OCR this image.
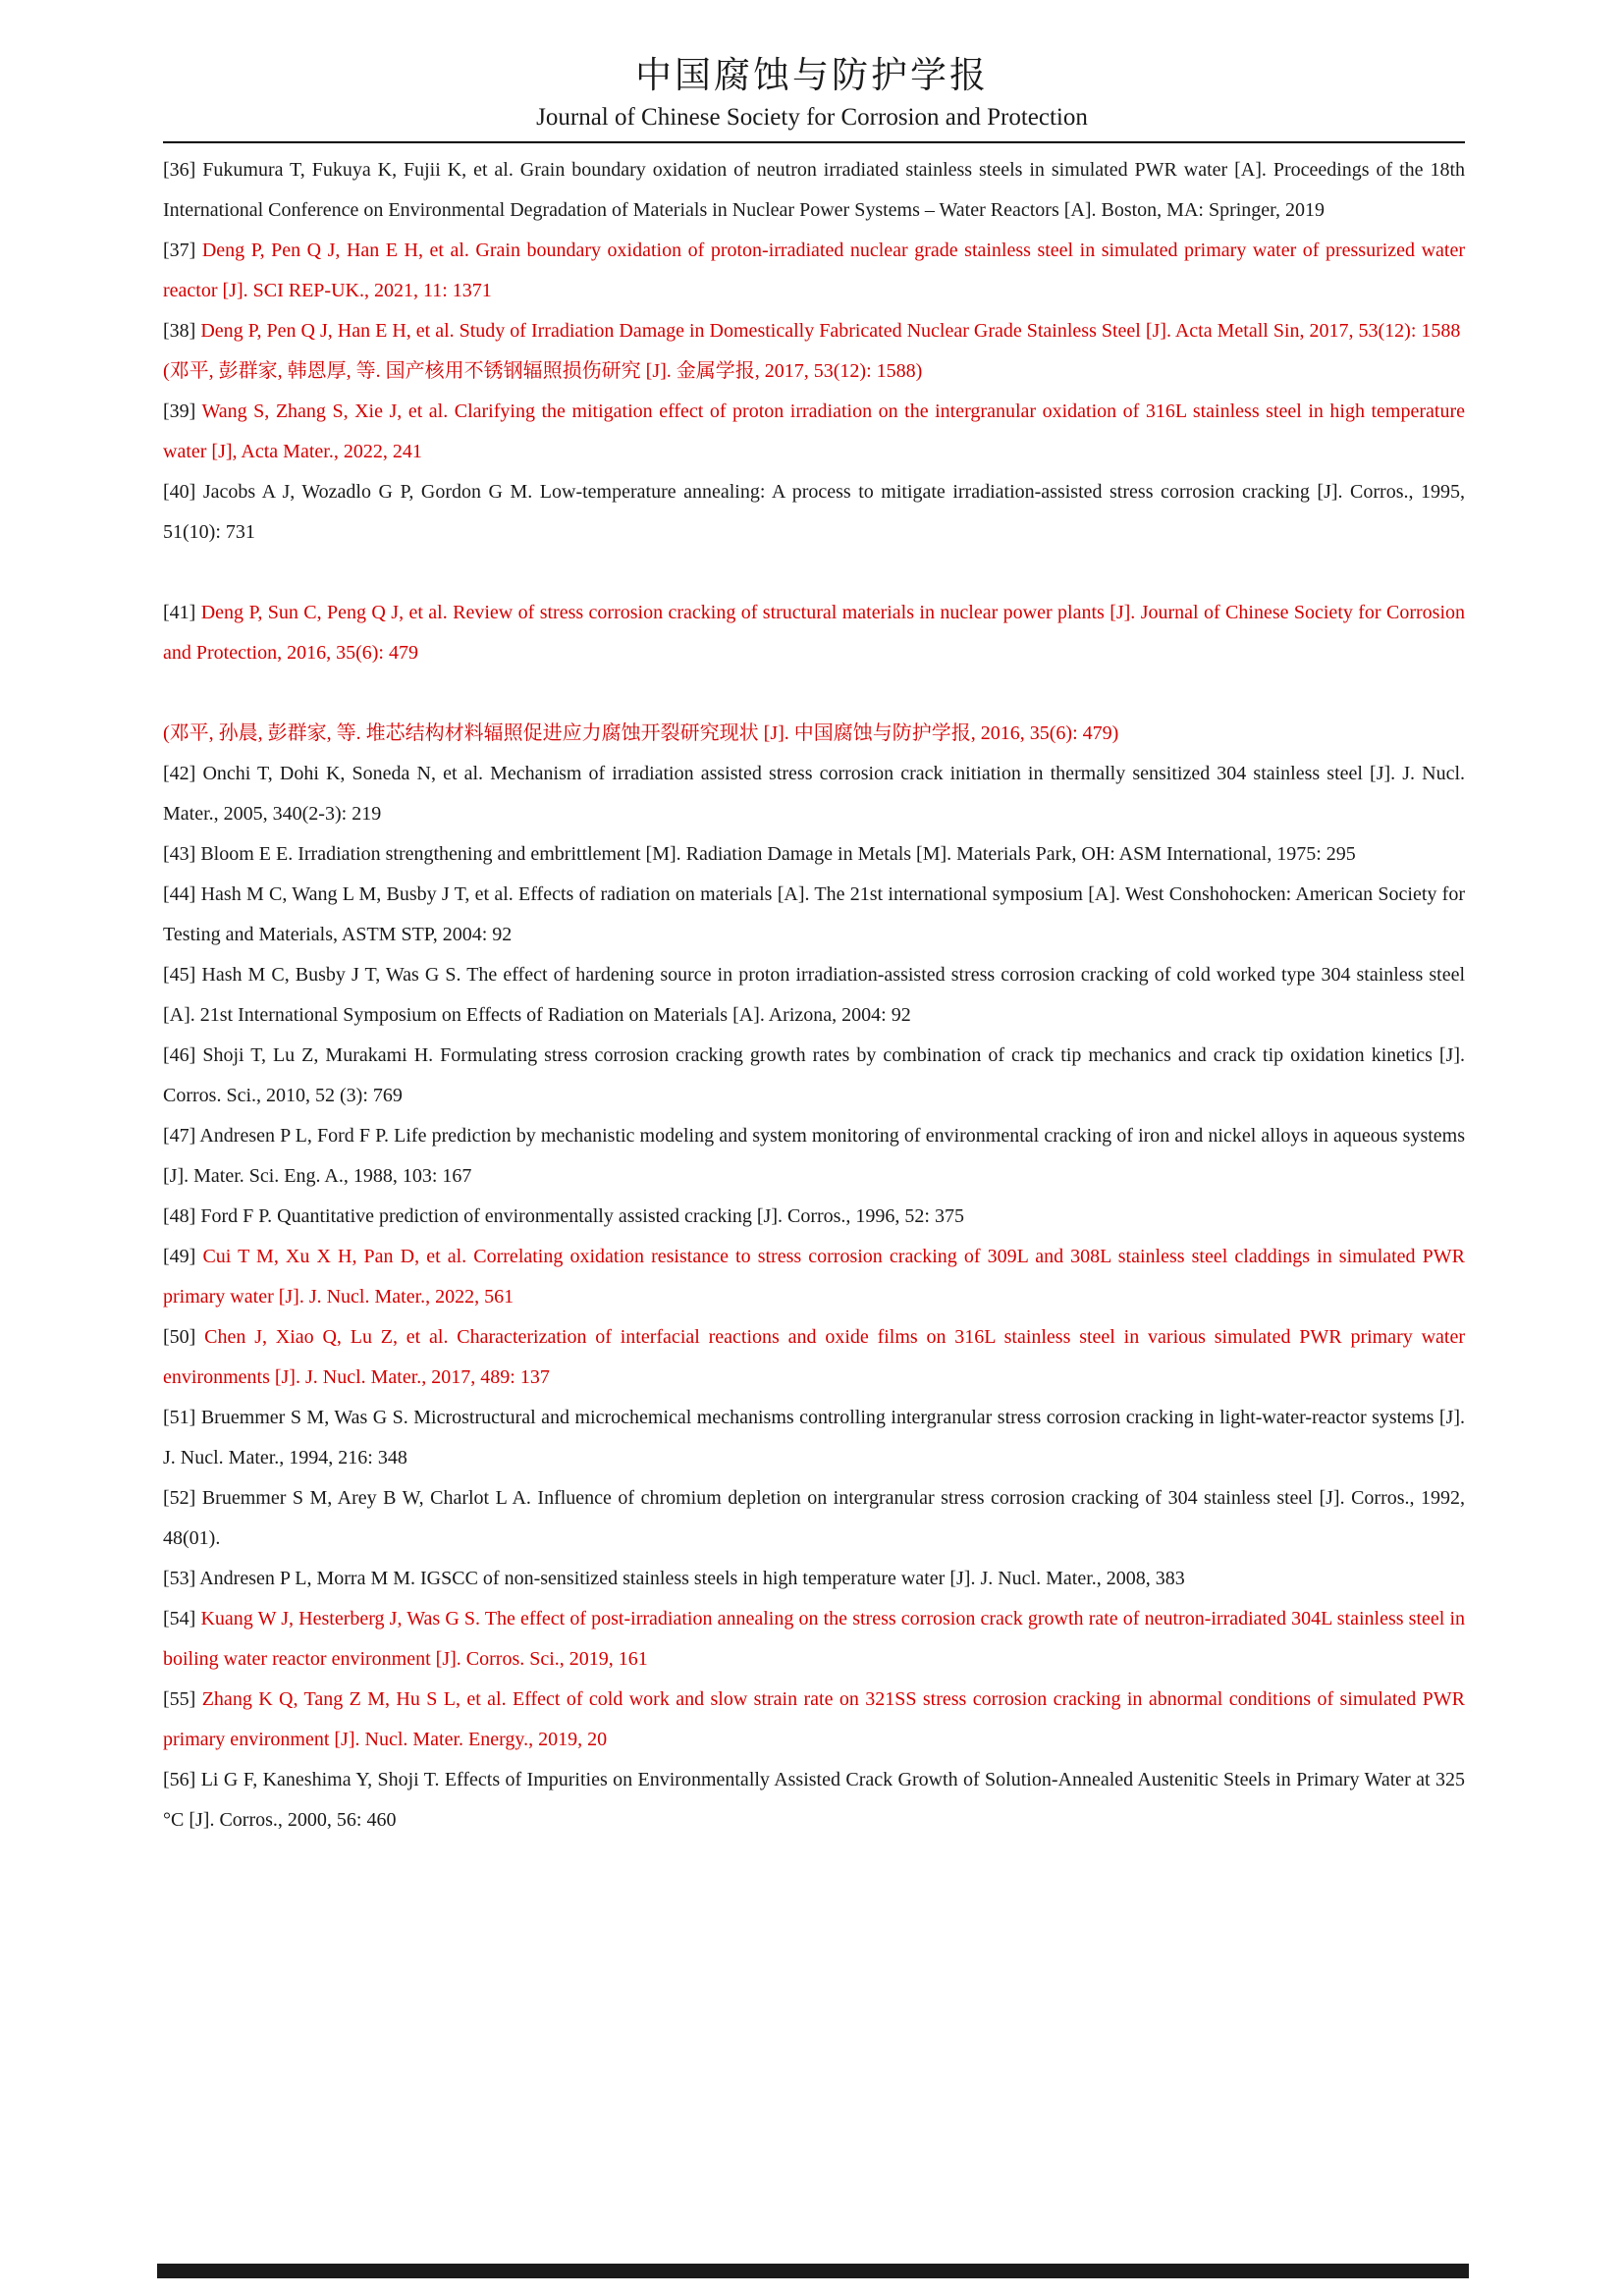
中国腐蚀与防护学报
Journal of Chinese Society for Corrosion and Protection

[36] Fukumura T, Fukuya K, Fujii K, et al. Grain boundary oxidation of neutron irradiated stainless steels in simulated PWR water [A]. Proceedings of the 18th International Conference on Environmental Degradation of Materials in Nuclear Power Systems – Water Reactors [A]. Boston, MA: Springer, 2019

[37] Deng P, Pen Q J, Han E H, et al. Grain boundary oxidation of proton-irradiated nuclear grade stainless steel in simulated primary water of pressurized water reactor [J]. SCI REP-UK., 2021, 11: 1371

[38] Deng P, Pen Q J, Han E H, et al. Study of Irradiation Damage in Domestically Fabricated Nuclear Grade Stainless Steel [J]. Acta Metall Sin, 2017, 53(12): 1588

(邓平, 彭群家, 韩恩厚, 等. 国产核用不锈钢辐照损伤研究 [J]. 金属学报, 2017, 53(12): 1588)

[39] Wang S, Zhang S, Xie J, et al. Clarifying the mitigation effect of proton irradiation on the intergranular oxidation of 316L stainless steel in high temperature water [J], Acta Mater., 2022, 241

[40] Jacobs A J, Wozadlo G P, Gordon G M. Low-temperature annealing: A process to mitigate irradiation-assisted stress corrosion cracking [J]. Corros., 1995, 51(10): 731

[41] Deng P, Sun C, Peng Q J, et al. Review of stress corrosion cracking of structural materials in nuclear power plants [J]. Journal of Chinese Society for Corrosion and Protection, 2016, 35(6): 479

(邓平, 孙晨, 彭群家, 等. 堆芯结构材料辐照促进应力腐蚀开裂研究现状 [J]. 中国腐蚀与防护学报, 2016, 35(6): 479)

[42] Onchi T, Dohi K, Soneda N, et al. Mechanism of irradiation assisted stress corrosion crack initiation in thermally sensitized 304 stainless steel [J]. J. Nucl. Mater., 2005, 340(2-3): 219

[43] Bloom E E. Irradiation strengthening and embrittlement [M]. Radiation Damage in Metals [M]. Materials Park, OH: ASM International, 1975: 295

[44] Hash M C, Wang L M, Busby J T, et al. Effects of radiation on materials [A]. The 21st international symposium [A]. West Conshohocken: American Society for Testing and Materials, ASTM STP, 2004: 92

[45] Hash M C, Busby J T, Was G S. The effect of hardening source in proton irradiation-assisted stress corrosion cracking of cold worked type 304 stainless steel [A]. 21st International Symposium on Effects of Radiation on Materials [A]. Arizona, 2004: 92

[46] Shoji T, Lu Z, Murakami H. Formulating stress corrosion cracking growth rates by combination of crack tip mechanics and crack tip oxidation kinetics [J]. Corros. Sci., 2010, 52 (3): 769

[47] Andresen P L, Ford F P. Life prediction by mechanistic modeling and system monitoring of environmental cracking of iron and nickel alloys in aqueous systems [J]. Mater. Sci. Eng. A., 1988, 103: 167

[48] Ford F P. Quantitative prediction of environmentally assisted cracking [J]. Corros., 1996, 52: 375

[49] Cui T M, Xu X H, Pan D, et al. Correlating oxidation resistance to stress corrosion cracking of 309L and 308L stainless steel claddings in simulated PWR primary water [J]. J. Nucl. Mater., 2022, 561

[50] Chen J, Xiao Q, Lu Z, et al. Characterization of interfacial reactions and oxide films on 316L stainless steel in various simulated PWR primary water environments [J]. J. Nucl. Mater., 2017, 489: 137

[51] Bruemmer S M, Was G S. Microstructural and microchemical mechanisms controlling intergranular stress corrosion cracking in light-water-reactor systems [J]. J. Nucl. Mater., 1994, 216: 348

[52] Bruemmer S M, Arey B W, Charlot L A. Influence of chromium depletion on intergranular stress corrosion cracking of 304 stainless steel [J]. Corros., 1992, 48(01).

[53] Andresen P L, Morra M M. IGSCC of non-sensitized stainless steels in high temperature water [J]. J. Nucl. Mater., 2008, 383

[54] Kuang W J, Hesterberg J, Was G S. The effect of post-irradiation annealing on the stress corrosion crack growth rate of neutron-irradiated 304L stainless steel in boiling water reactor environment [J]. Corros. Sci., 2019, 161

[55] Zhang K Q, Tang Z M, Hu S L, et al. Effect of cold work and slow strain rate on 321SS stress corrosion cracking in abnormal conditions of simulated PWR primary environment [J]. Nucl. Mater. Energy., 2019, 20

[56] Li G F, Kaneshima Y, Shoji T. Effects of Impurities on Environmentally Assisted Crack Growth of Solution-Annealed Austenitic Steels in Primary Water at 325 °C [J]. Corros., 2000, 56: 460
